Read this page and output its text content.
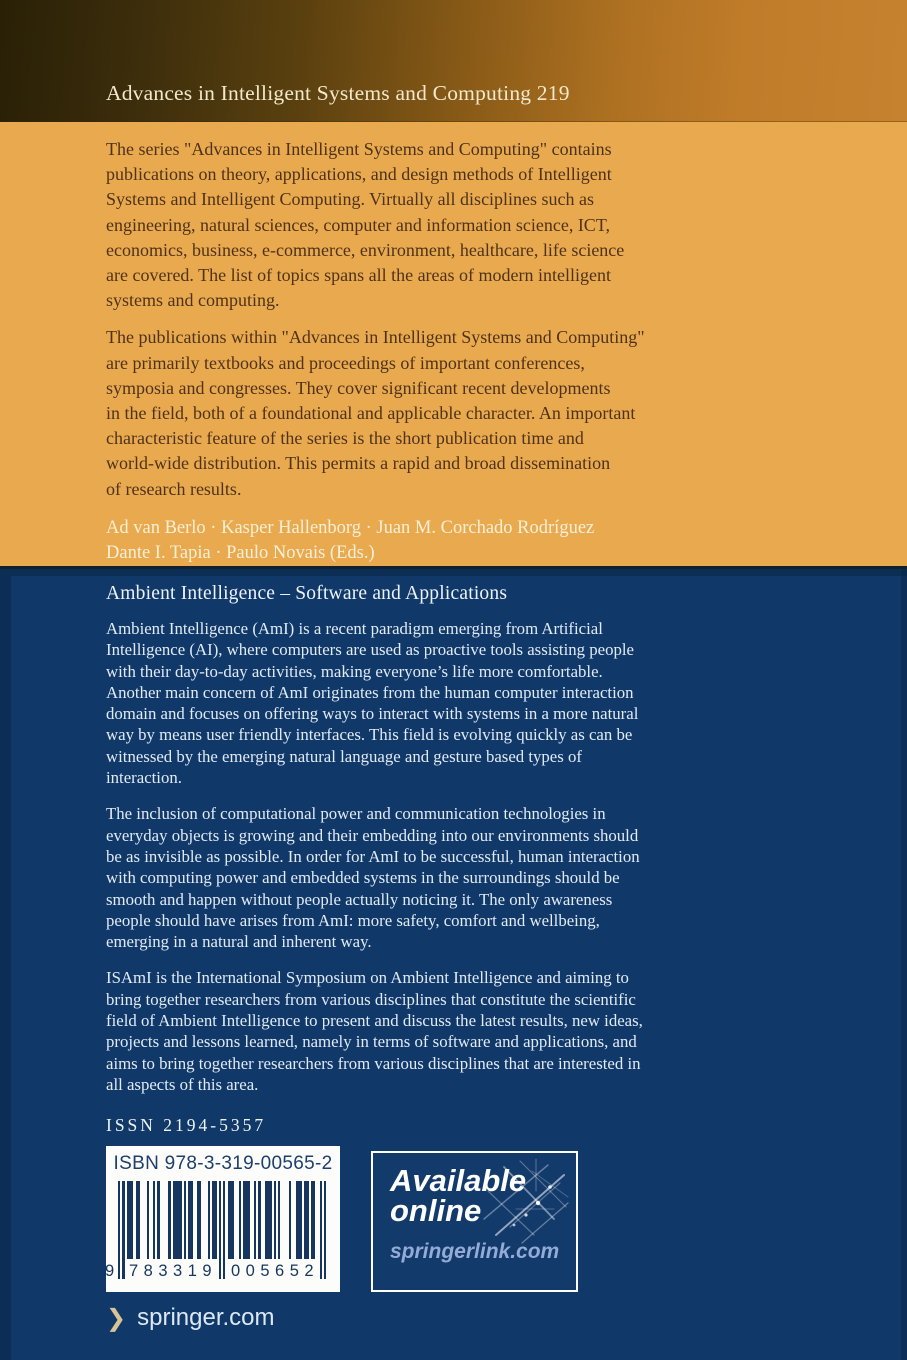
Advances in Intelligent Systems and Computing 219

The series "Advances in Intelligent Systems and Computing" contains
publications on theory, applications, and design methods of Intelligent
Systems and Intelligent Computing. Virtually all disciplines such as
engineering, natural sciences, computer and information science, ICT,
economics, business, e-commerce, environment, healthcare, life science
are covered. The list of topics spans all the areas of modern intelligent
systems and computing.

The publications within "Advances in Intelligent Systems and Computing"
are primarily textbooks and proceedings of important conferences,
symposia and congresses. They cover significant recent developments
in the field, both of a foundational and applicable character. An important
characteristic feature of the series is the short publication time and
world-wide distribution. This permits a rapid and broad dissemination
of research results.

Ad van Berlo · Kasper Hallenborg · Juan M. Corchado Rodríguez
Dante I. Tapia · Paulo Novais (Eds.)
Ambient Intelligence – Software and Applications

Ambient Intelligence (AmI) is a recent paradigm emerging from Artificial
Intelligence (AI), where computers are used as proactive tools assisting people
with their day-to-day activities, making everyone’s life more comfortable.
Another main concern of AmI originates from the human computer interaction
domain and focuses on offering ways to interact with systems in a more natural
way by means user friendly interfaces. This field is evolving quickly as can be
witnessed by the emerging natural language and gesture based types of
interaction.

The inclusion of computational power and communication technologies in
everyday objects is growing and their embedding into our environments should
be as invisible as possible. In order for AmI to be successful, human interaction
with computing power and embedded systems in the surroundings should be
smooth and happen without people actually noticing it. The only awareness
people should have arises from AmI: more safety, comfort and wellbeing,
emerging in a natural and inherent way.

ISAmI is the International Symposium on Ambient Intelligence and aiming to
bring together researchers from various disciplines that constitute the scientific
field of Ambient Intelligence to present and discuss the latest results, new ideas,
projects and lessons learned, namely in terms of software and applications, and
aims to bring together researchers from various disciplines that are interested in
all aspects of this area.

ISSN 2194-5357
ISBN 978-3-319-00565-2
9 783319 005652
Available
online
springerlink.com
❯ springer.com
